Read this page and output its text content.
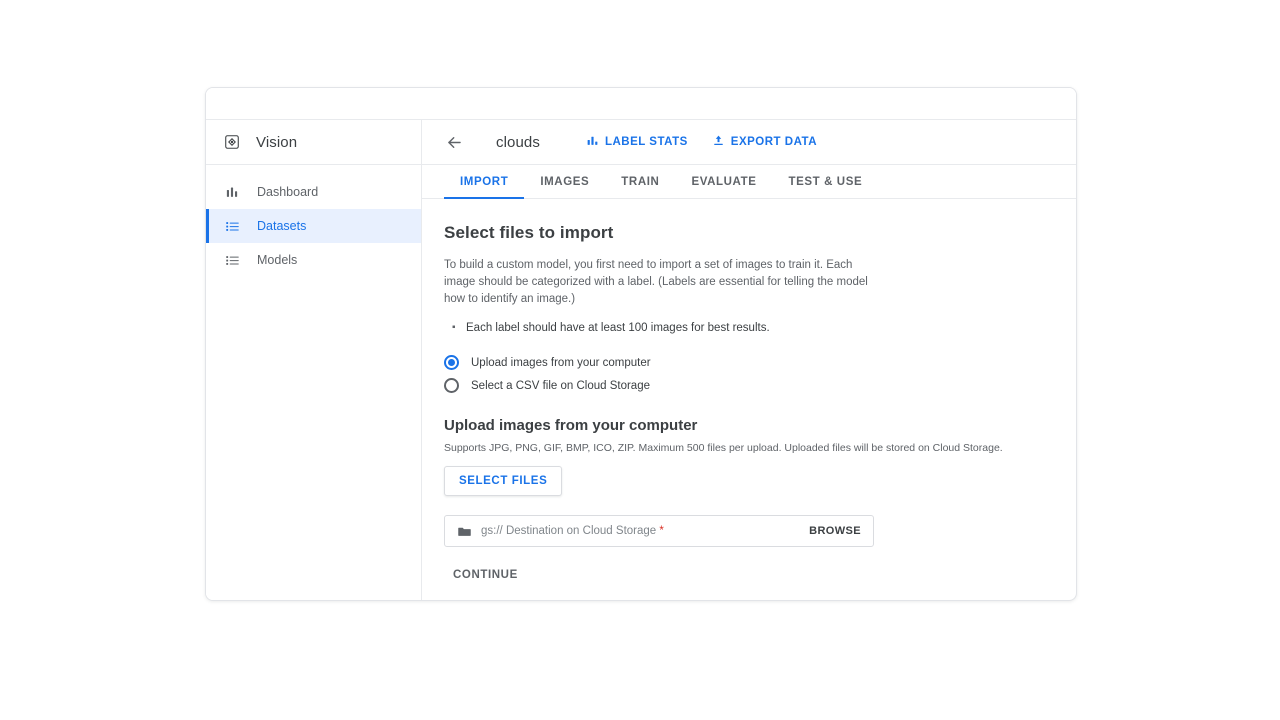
Vision
Dashboard
Datasets
Models
clouds	LABEL STATS	EXPORT DATA
IMPORT	IMAGES	TRAIN	EVALUATE	TEST & USE
Select files to import

To build a custom model, you first need to import a set of images to train it. Each image should be categorized with a label. (Labels are essential for telling the model how to identify an image.)

▪ Each label should have at least 100 images for best results.
Upload images from your computer
Select a CSV file on Cloud Storage
Upload images from your computer

Supports JPG, PNG, GIF, BMP, ICO, ZIP. Maximum 500 files per upload. Uploaded files will be stored on Cloud Storage.

SELECT FILES
gs:// Destination on Cloud Storage *	BROWSE
CONTINUE
